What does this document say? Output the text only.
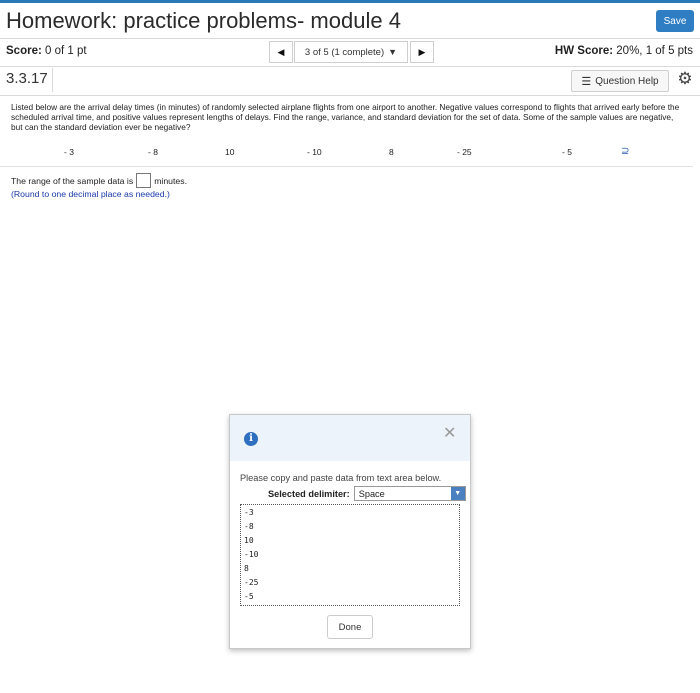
Homework: practice problems- module 4	Save
Score: 0 of 1 pt	◀ 3 of 5 (1 complete) ▼ ▶	HW Score: 20%, 1 of 5 pts
3.3.17	☰ Question Help ⚙
Listed below are the arrival delay times (in minutes) of randomly selected airplane flights from one airport to another. Negative values correspond to flights that arrived early before the scheduled arrival time, and positive values represent lengths of delays. Find the range, variance, and standard deviation for the set of data. Some of the sample values are negative, but can the standard deviation ever be negative?
- 3	- 8	10	- 10	8	- 25	- 5	⊇
The range of the sample data is minutes.
(Round to one decimal place as needed.)
i	✕
Please copy and paste data from text area below.
Selected delimiter: Space	▼
-3
-8
10
-10
8
-25
-5
Done
